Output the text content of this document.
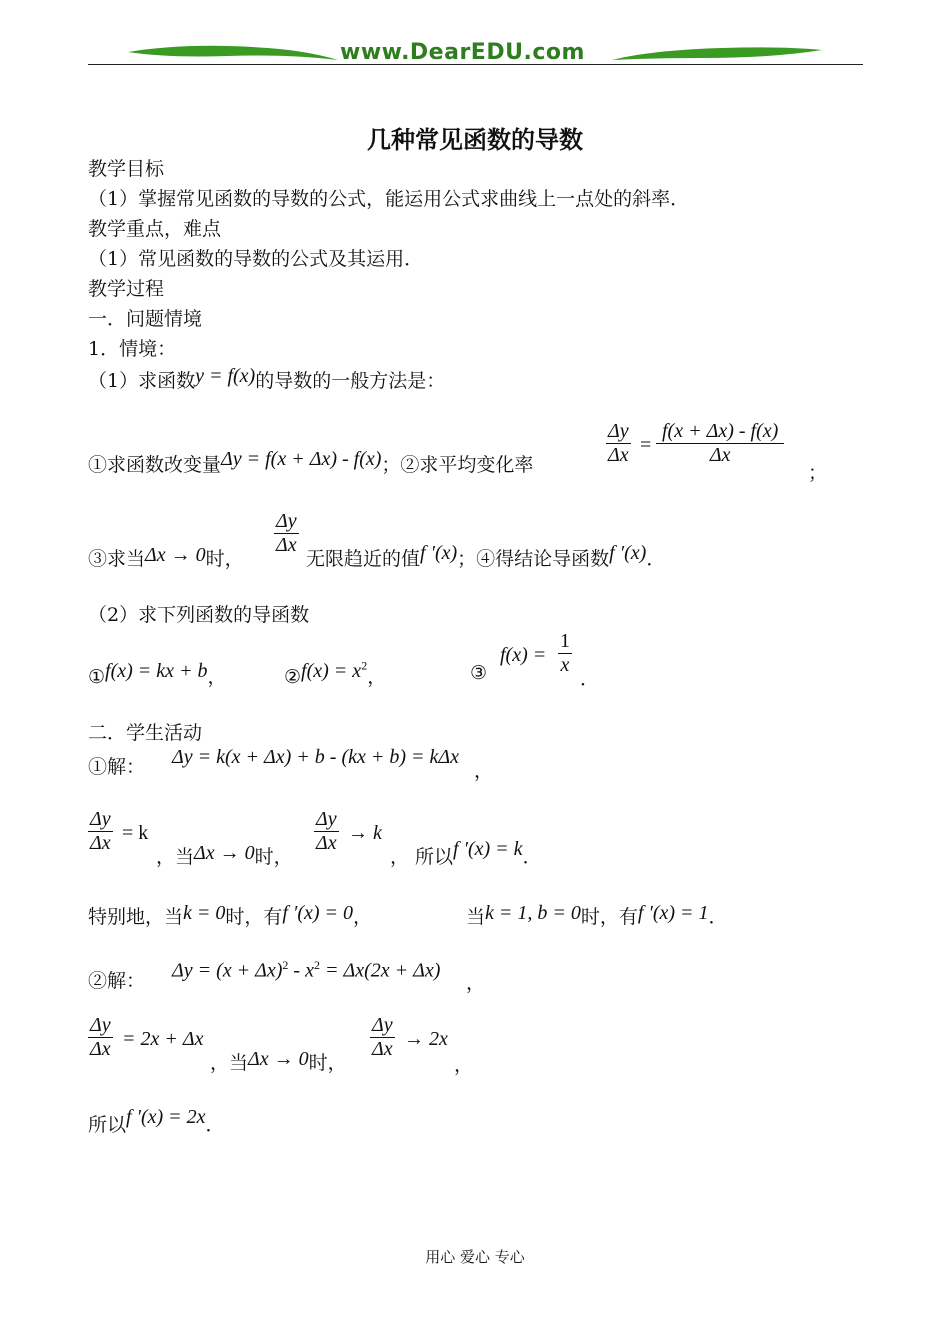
www.DearEDU.com
几种常见函数的导数
教学目标
（1）掌握常见函数的导数的公式，能运用公式求曲线上一点处的斜率．
教学重点，难点
（1）常见函数的导数的公式及其运用．
教学过程
一．问题情境
1．情境：
（1）求函数y = f(x)的导数的一般方法是：
①求函数改变量Δy = f(x + Δx) - f(x)；②求平均变化率	$\frac{\Delta y}{\Delta x} = \frac{f(x + \Delta x) - f(x)}{\Delta x}$
；
③求当Δx → 0时，
$\frac{\Delta y}{\Delta x}$
无限趋近的值f ′(x)；④得结论导函数f ′(x)．
（2）求下列函数的导函数
①f(x) = kx + b，	②f(x) = $x^2$，	③
$f(x) = \frac{1}{x}$
．
二．学生活动
①解： Δy = k(x + Δx) + b - (kx + b) = kΔx
，
$\frac{\Delta y}{\Delta x} = k$
，当Δx → 0时，
$\frac{\Delta y}{\Delta x} \to k$
， 所以f ′(x) = k．
特别地，当k = 0时，有f ′(x) = 0，	当k = 1, b = 0时，有f ′(x) = 1．
②解： $\Delta y = (x + \Delta x)^2 - x^2 = \Delta x(2x + \Delta x)$
，
$\frac{\Delta y}{\Delta x} = 2x + \Delta x$
，当Δx → 0时，
$\frac{\Delta y}{\Delta x} \to 2x$
，
所以f ′(x) = 2x．
用心 爱心 专心
